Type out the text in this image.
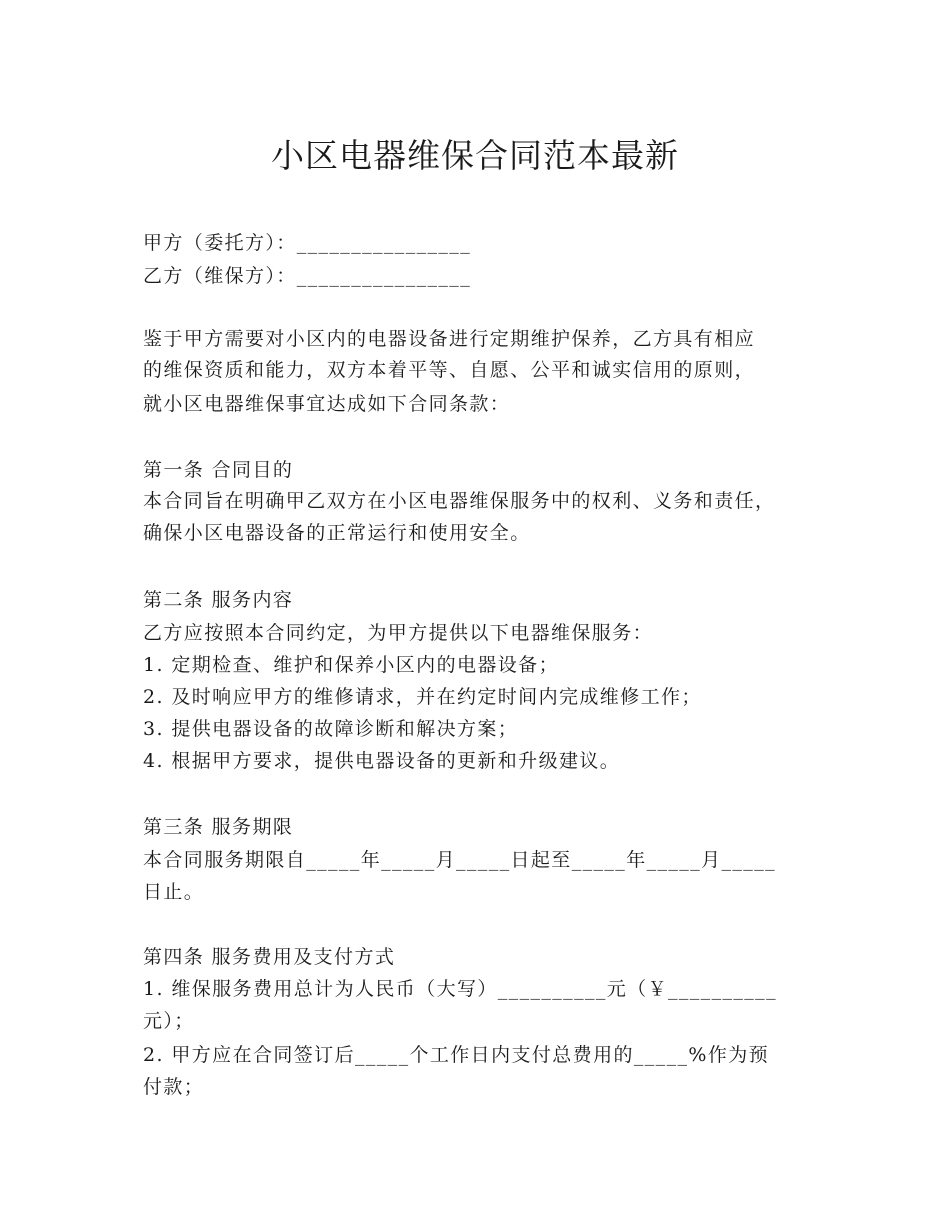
小区电器维保合同范本最新
甲方（委托方）：________________
乙方（维保方）：________________
鉴于甲方需要对小区内的电器设备进行定期维护保养，乙方具有相应
的维保资质和能力，双方本着平等、自愿、公平和诚实信用的原则，
就小区电器维保事宜达成如下合同条款：
第一条 合同目的
本合同旨在明确甲乙双方在小区电器维保服务中的权利、义务和责任，
确保小区电器设备的正常运行和使用安全。
第二条 服务内容
乙方应按照本合同约定，为甲方提供以下电器维保服务：
1. 定期检查、维护和保养小区内的电器设备；
2. 及时响应甲方的维修请求，并在约定时间内完成维修工作；
3. 提供电器设备的故障诊断和解决方案；
4. 根据甲方要求，提供电器设备的更新和升级建议。
第三条 服务期限
本合同服务期限自_____年_____月_____日起至_____年_____月_____
日止。
第四条 服务费用及支付方式
1. 维保服务费用总计为人民币（大写）__________元（￥__________
元）；
2. 甲方应在合同签订后_____个工作日内支付总费用的_____%作为预
付款；
